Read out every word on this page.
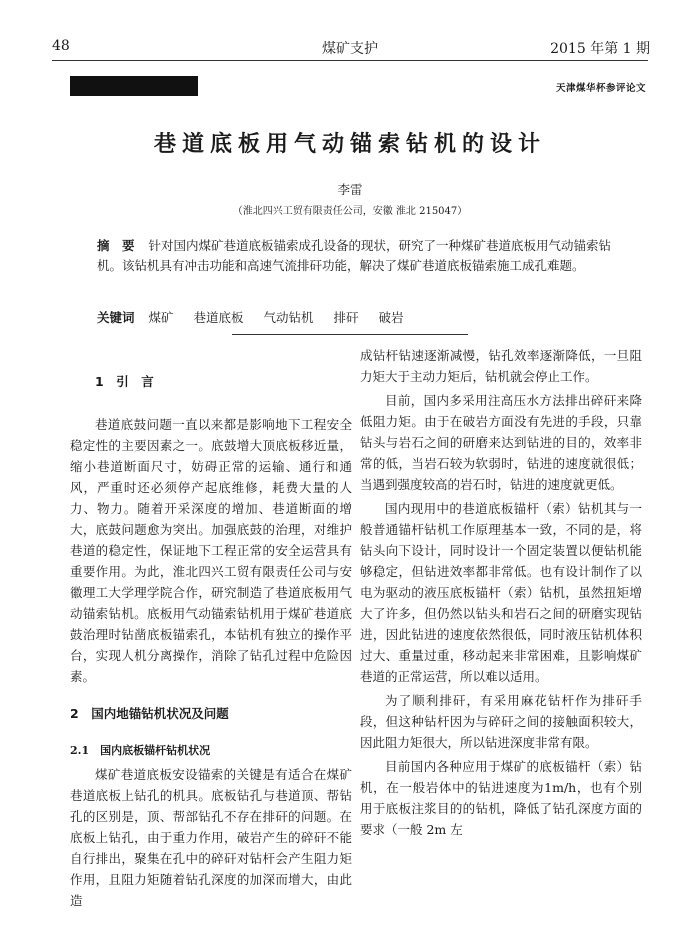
48	煤矿支护	2015 年第 1 期
天津煤华杯参评论文
巷道底板用气动锚索钻机的设计
李雷
（淮北四兴工贸有限责任公司，安徽 淮北 215047）
摘　要 针对国内煤矿巷道底板锚索成孔设备的现状，研究了一种煤矿巷道底板用气动锚索钻机。该钻机具有冲击功能和高速气流排矸功能，解决了煤矿巷道底板锚索施工成孔难题。
关键词 煤矿 巷道底板 气动钻机 排矸 破岩

1　引　言

巷道底鼓问题一直以来都是影响地下工程安全稳定性的主要因素之一。底鼓增大顶底板移近量，缩小巷道断面尺寸，妨碍正常的运输、通行和通风，严重时还必须停产起底维修，耗费大量的人力、物力。随着开采深度的增加、巷道断面的增大，底鼓问题愈为突出。加强底鼓的治理，对维护巷道的稳定性，保证地下工程正常的安全运营具有重要作用。为此，淮北四兴工贸有限责任公司与安徽理工大学理学院合作，研究制造了巷道底板用气动锚索钻机。底板用气动锚索钻机用于煤矿巷道底鼓治理时钻凿底板锚索孔，本钻机有独立的操作平台，实现人机分离操作，消除了钻孔过程中危险因素。

2　国内地锚钻机状况及问题

2.1　国内底板锚杆钻机状况

煤矿巷道底板安设锚索的关键是有适合在煤矿巷道底板上钻孔的机具。底板钻孔与巷道顶、帮钻孔的区别是，顶、帮部钻孔不存在排矸的问题。在底板上钻孔，由于重力作用，破岩产生的碎矸不能自行排出，聚集在孔中的碎矸对钻杆会产生阻力矩作用，且阻力矩随着钻孔深度的加深而增大，由此造

成钻杆钻速逐渐减慢，钻孔效率逐渐降低，一旦阻力矩大于主动力矩后，钻机就会停止工作。

目前，国内多采用注高压水方法排出碎矸来降低阻力矩。由于在破岩方面没有先进的手段，只靠钻头与岩石之间的研磨来达到钻进的目的，效率非常的低，当岩石较为软弱时，钻进的速度就很低；当遇到强度较高的岩石时，钻进的速度就更低。

国内现用中的巷道底板锚杆（索）钻机其与一般普通锚杆钻机工作原理基本一致，不同的是，将钻头向下设计，同时设计一个固定装置以便钻机能够稳定，但钻进效率都非常低。也有设计制作了以电为驱动的液压底板锚杆（索）钻机，虽然扭矩增大了许多，但仍然以钻头和岩石之间的研磨实现钻进，因此钻进的速度依然很低，同时液压钻机体积过大、重量过重，移动起来非常困难，且影响煤矿巷道的正常运营，所以难以适用。

为了顺利排矸，有采用麻花钻杆作为排矸手段，但这种钻杆因为与碎矸之间的接触面积较大，因此阻力矩很大，所以钻进深度非常有限。

目前国内各种应用于煤矿的底板锚杆（索）钻机，在一般岩体中的钻进速度为1m/h，也有个别用于底板注浆目的的钻机，降低了钻孔深度方面的要求（一般 2m 左
